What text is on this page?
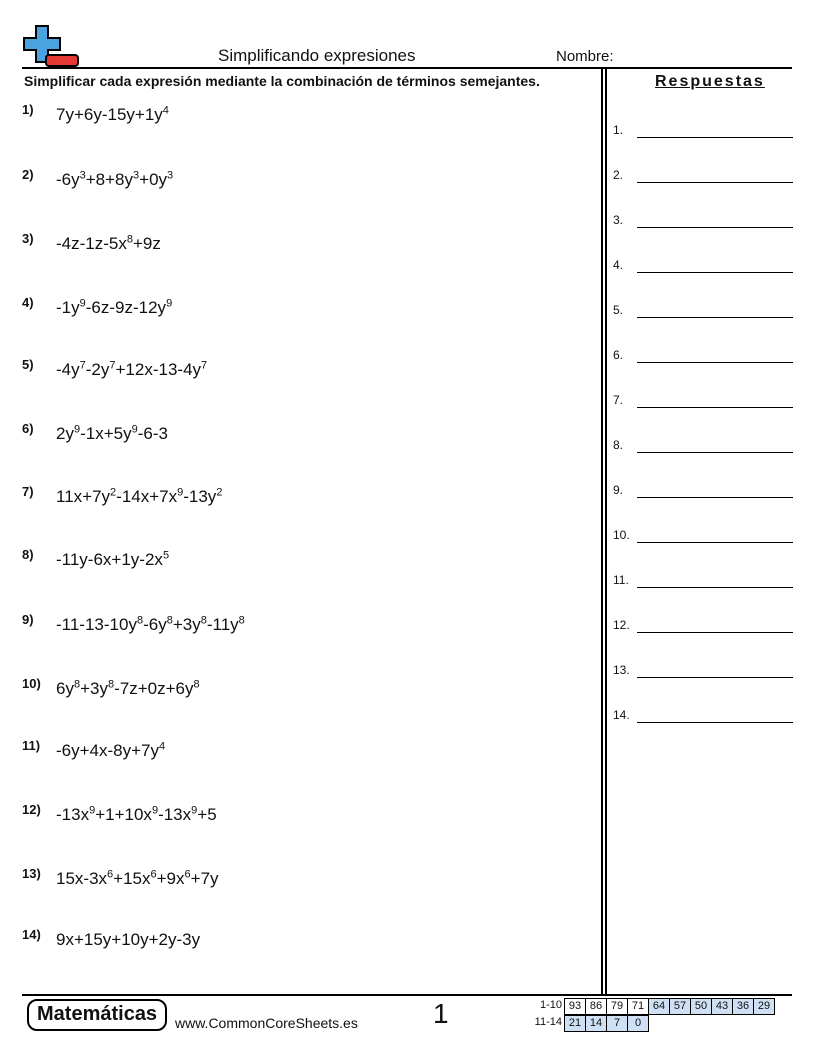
Simplificando expresiones	Nombre:
Simplificar cada expresión mediante la combinación de términos semejantes.	Respuestas
1) $7y+6y-15y+1y^4$
2) $-6y^3+8+8y^3+0y^3$
3) $-4z-1z-5x^8+9z$
4) $-1y^9-6z-9z-12y^9$
5) $-4y^7-2y^7+12x-13-4y^7$
6) $2y^9-1x+5y^9-6-3$
7) $11x+7y^2-14x+7x^9-13y^2$
8) $-11y-6x+1y-2x^5$
9) $-11-13-10y^8-6y^8+3y^8-11y^8$
10) $6y^8+3y^8-7z+0z+6y^8$
11) $-6y+4x-8y+7y^4$
12) $-13x^9+1+10x^9-13x^9+5$
13) $15x-3x^6+15x^6+9x^6+7y$
14) 9x+15y+10y+2y-3y
1.
2.
3.
4.
5.
6.
7.
8.
9.
10.
11.
12.
13.
14.
Matemáticas	www.CommonCoreSheets.es	1	1-10 93 86 79 71 64 57 50 43 36 29
11-14 21 14	7	0
